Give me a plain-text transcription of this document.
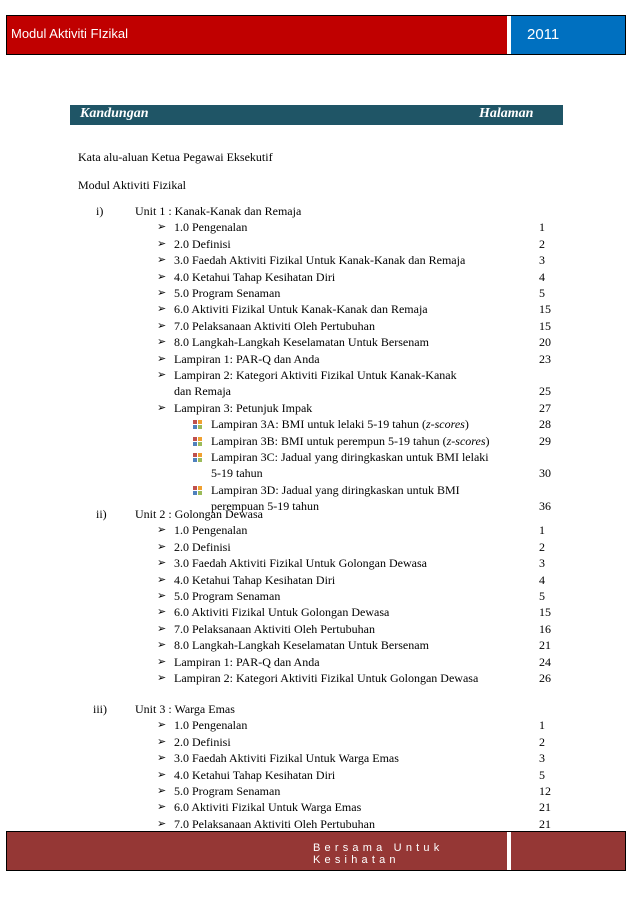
Modul Aktiviti FIzikal	2011
Kandungan	Halaman
Kata alu-aluan Ketua Pegawai Eksekutif
Modul Aktiviti Fizikal
i)	Unit 1 : Kanak-Kanak dan Remaja
➢ 1.0 Pengenalan	1
➢ 2.0 Definisi	2
➢ 3.0 Faedah Aktiviti Fizikal Untuk Kanak-Kanak dan Remaja	3
➢ 4.0 Ketahui Tahap Kesihatan Diri	4
➢ 5.0 Program Senaman	5
➢ 6.0 Aktiviti Fizikal Untuk Kanak-Kanak dan Remaja	15
➢ 7.0 Pelaksanaan Aktiviti Oleh Pertubuhan	15
➢ 8.0 Langkah-Langkah Keselamatan Untuk Bersenam	20
➢ Lampiran 1: PAR-Q dan Anda	23
➢ Lampiran 2: Kategori Aktiviti Fizikal Untuk Kanak-Kanak
dan Remaja	25
➢ Lampiran 3: Petunjuk Impak	27
Lampiran 3A: BMI untuk lelaki 5-19 tahun (z-scores)	28
Lampiran 3B: BMI untuk perempun 5-19 tahun (z-scores)	29
Lampiran 3C: Jadual yang diringkaskan untuk BMI lelaki
5-19 tahun	30
Lampiran 3D: Jadual yang diringkaskan untuk BMI
perempuan 5-19 tahun	36
ii) Unit 2 : Golongan Dewasa
➢ 1.0 Pengenalan	1
➢ 2.0 Definisi	2
➢ 3.0 Faedah Aktiviti Fizikal Untuk Golongan Dewasa	3
➢ 4.0 Ketahui Tahap Kesihatan Diri	4
➢ 5.0 Program Senaman	5
➢ 6.0 Aktiviti Fizikal Untuk Golongan Dewasa	15
➢ 7.0 Pelaksanaan Aktiviti Oleh Pertubuhan	16
➢ 8.0 Langkah-Langkah Keselamatan Untuk Bersenam	21
➢ Lampiran 1: PAR-Q dan Anda	24
➢ Lampiran 2: Kategori Aktiviti Fizikal Untuk Golongan Dewasa	26
iii) Unit 3 : Warga Emas
➢ 1.0 Pengenalan	1
➢ 2.0 Definisi	2
➢ 3.0 Faedah Aktiviti Fizikal Untuk Warga Emas	3
➢ 4.0 Ketahui Tahap Kesihatan Diri	5
➢ 5.0 Program Senaman	12
➢ 6.0 Aktiviti Fizikal Untuk Warga Emas	21
➢ 7.0 Pelaksanaan Aktiviti Oleh Pertubuhan	21
Bersama Untuk Kesihatan
